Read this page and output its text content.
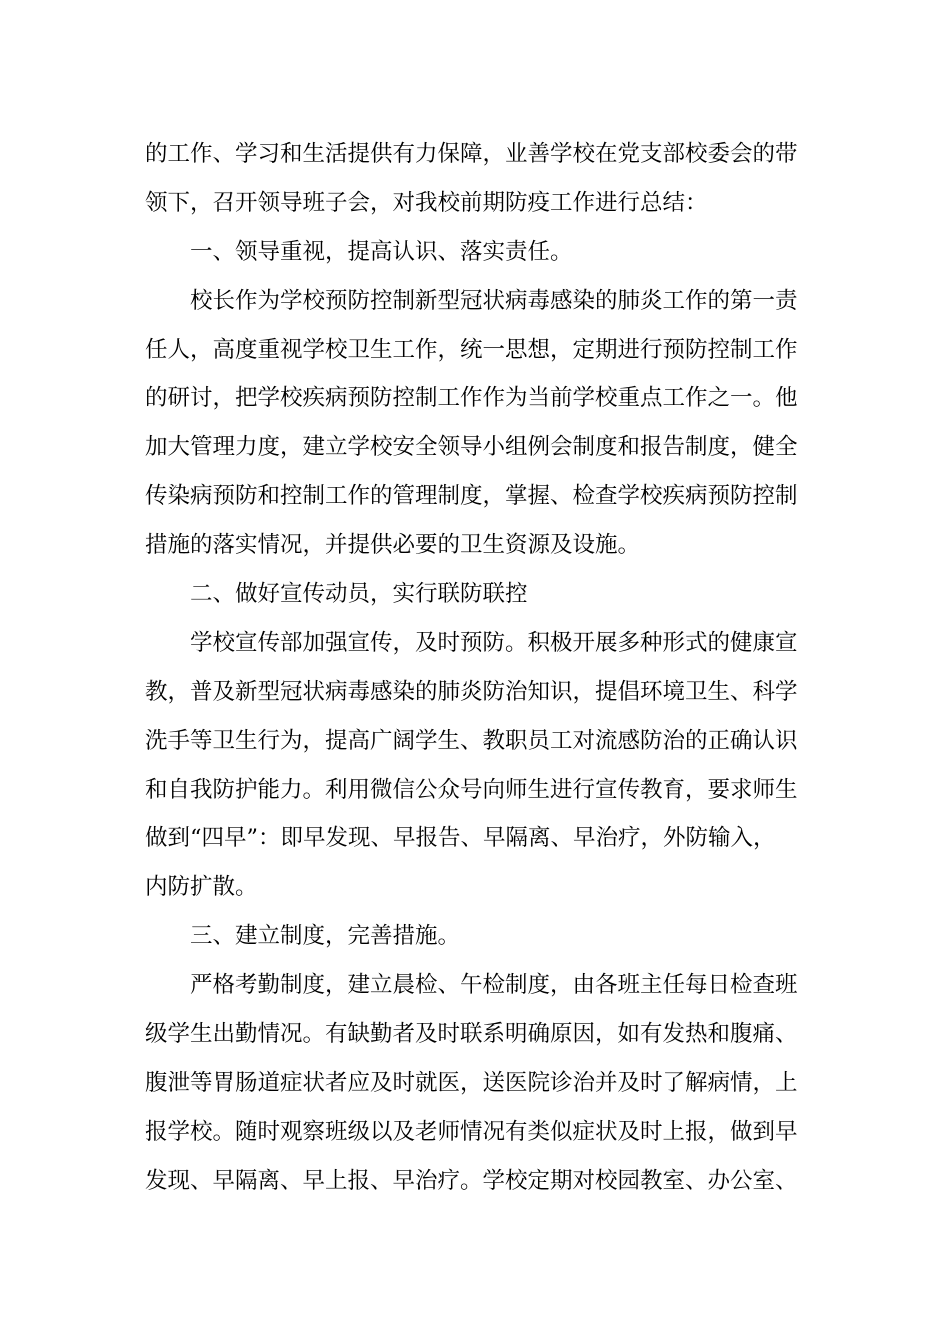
的工作、学习和生活提供有力保障，业善学校在党支部校委会的带
领下，召开领导班子会，对我校前期防疫工作进行总结：
一、领导重视，提高认识、落实责任。
校长作为学校预防控制新型冠状病毒感染的肺炎工作的第一责
任人，高度重视学校卫生工作，统一思想，定期进行预防控制工作
的研讨，把学校疾病预防控制工作作为当前学校重点工作之一。他
加大管理力度，建立学校安全领导小组例会制度和报告制度，健全
传染病预防和控制工作的管理制度，掌握、检查学校疾病预防控制
措施的落实情况，并提供必要的卫生资源及设施。
二、做好宣传动员，实行联防联控
学校宣传部加强宣传，及时预防。积极开展多种形式的健康宣
教，普及新型冠状病毒感染的肺炎防治知识，提倡环境卫生、科学
洗手等卫生行为，提高广阔学生、教职员工对流感防治的正确认识
和自我防护能力。利用微信公众号向师生进行宣传教育，要求师生
做到“四早”：即早发现、早报告、早隔离、早治疗，外防输入，
内防扩散。
三、建立制度，完善措施。
严格考勤制度，建立晨检、午检制度，由各班主任每日检查班
级学生出勤情况。有缺勤者及时联系明确原因，如有发热和腹痛、
腹泄等胃肠道症状者应及时就医，送医院诊治并及时了解病情，上
报学校。随时观察班级以及老师情况有类似症状及时上报，做到早
发现、早隔离、早上报、早治疗。学校定期对校园教室、办公室、
